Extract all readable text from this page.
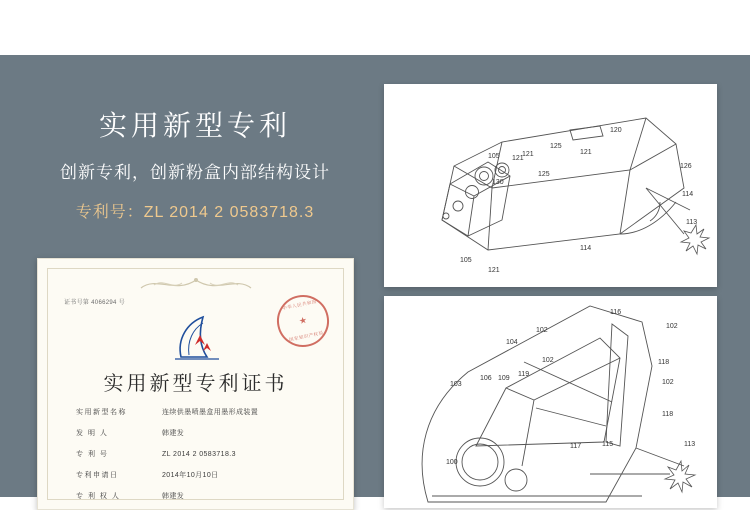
实用新型专利
创新专利，创新粉盒内部结构设计
专利号：ZL 2014 2 0583718.3
证书号第 4066294 号	中华人民共和国
★
国家知识产权局
实用新型专利证书
实用新型名称	连续供墨喷墨盒用墨形成装置
发 明 人	韩建发
专 利 号	ZL 2014 2 0583718.3
专利申请日	2014年10月10日
专 利 权 人	韩建发
120
125
121	121
125
105 121
130
126
114
113
105
121
114
116
102
102
104
102
119
118
106 109
102
103
117	115	113
100
118
